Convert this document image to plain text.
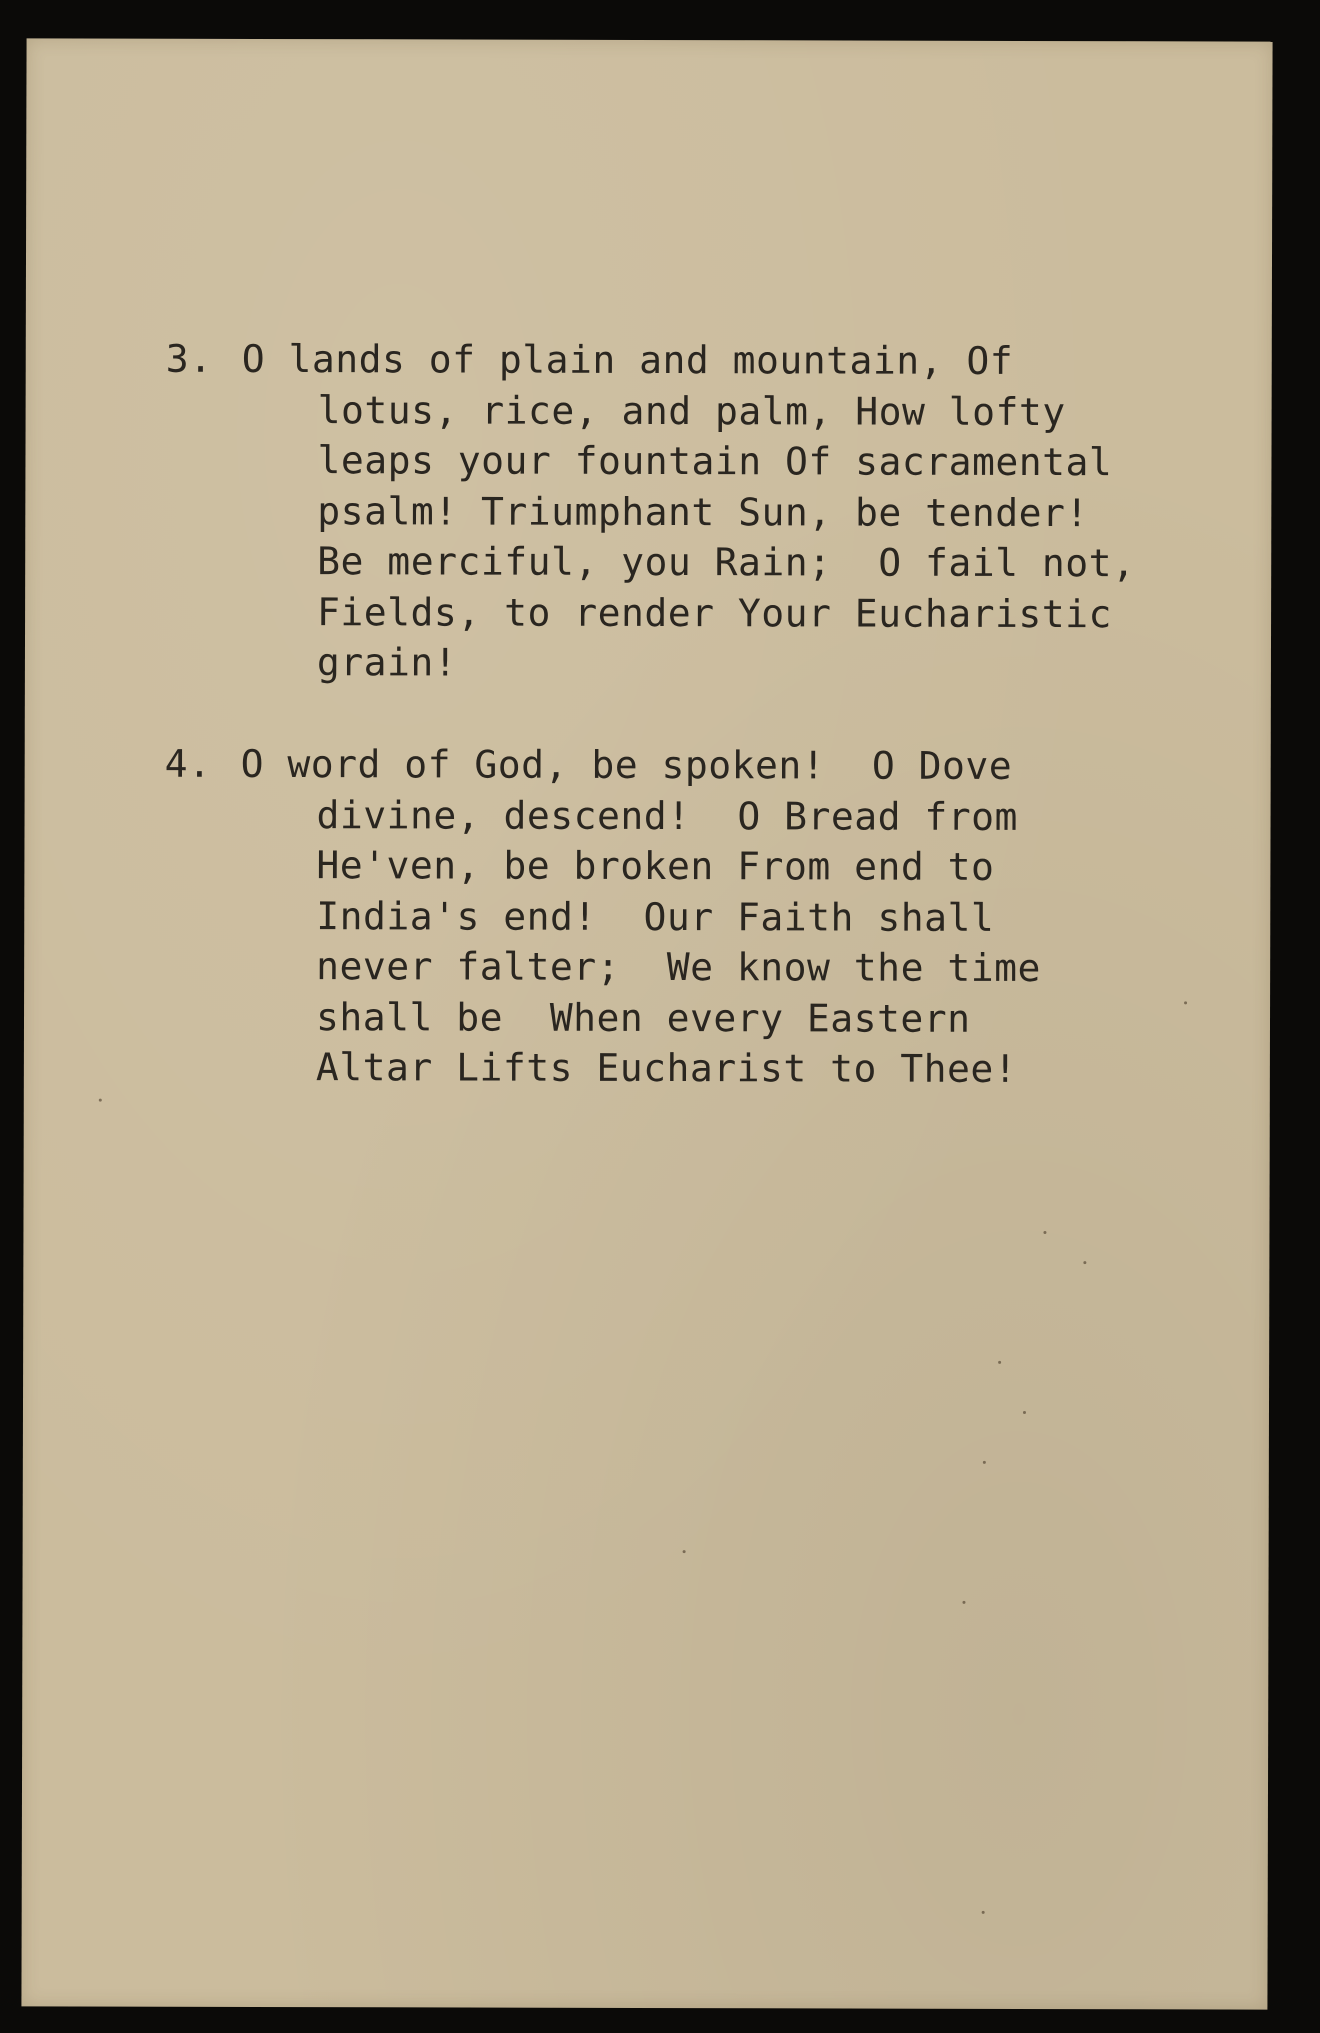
3. O lands of plain and mountain, Of
lotus, rice, and palm, How lofty
leaps your fountain Of sacramental
psalm! Triumphant Sun, be tender!
Be merciful, you Rain;  O fail not,
Fields, to render Your Eucharistic
grain!
4. O word of God, be spoken!  O Dove
divine, descend!  O Bread from
He'ven, be broken From end to
India's end!  Our Faith shall
never falter;  We know the time
shall be  When every Eastern
Altar Lifts Eucharist to Thee!
